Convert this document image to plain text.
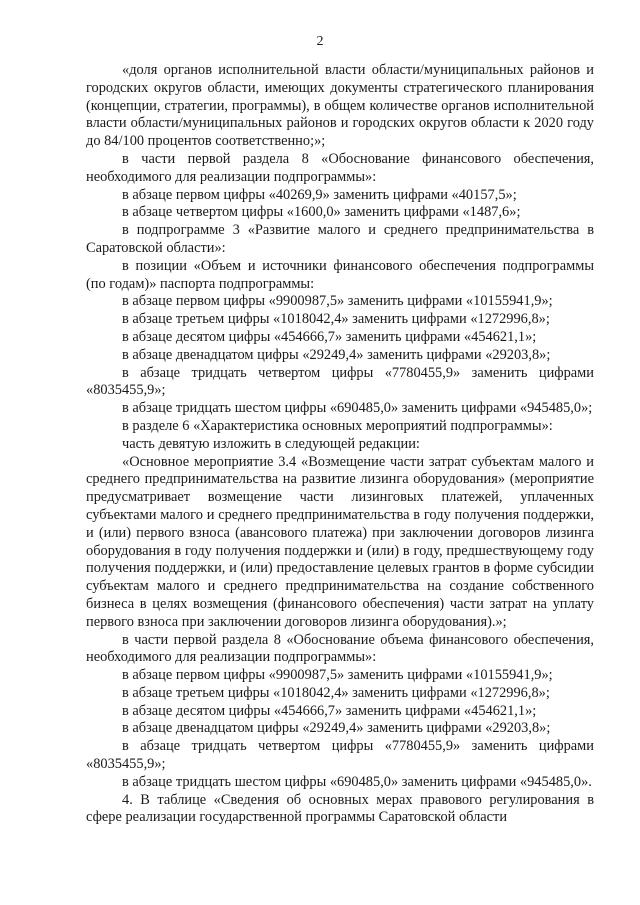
2

«доля органов исполнительной власти области/муниципальных районов и городских округов области, имеющих документы стратегического планирования (концепции, стратегии, программы), в общем количестве органов исполнительной власти области/муниципальных районов и городских округов области к 2020 году до 84/100 процентов соответственно;»;

в части первой раздела 8 «Обоснование финансового обеспечения, необходимого для реализации подпрограммы»:

в абзаце первом цифры «40269,9» заменить цифрами «40157,5»;

в абзаце четвертом цифры «1600,0» заменить цифрами «1487,6»;

в подпрограмме 3 «Развитие малого и среднего предпринимательства в Саратовской области»:

в позиции «Объем и источники финансового обеспечения подпрограммы (по годам)» паспорта подпрограммы:

в абзаце первом цифры «9900987,5» заменить цифрами «10155941,9»;

в абзаце третьем цифры «1018042,4» заменить цифрами «1272996,8»;

в абзаце десятом цифры «454666,7» заменить цифрами «454621,1»;

в абзаце двенадцатом цифры «29249,4» заменить цифрами «29203,8»;

в абзаце тридцать четвертом цифры «7780455,9» заменить цифрами «8035455,9»;

в абзаце тридцать шестом цифры «690485,0» заменить цифрами «945485,0»;

в разделе 6 «Характеристика основных мероприятий подпрограммы»:

часть девятую изложить в следующей редакции:

«Основное мероприятие 3.4 «Возмещение части затрат субъектам малого и среднего предпринимательства на развитие лизинга оборудования» (мероприятие предусматривает возмещение части лизинговых платежей, уплаченных субъектами малого и среднего предпринимательства в году получения поддержки, и (или) первого взноса (авансового платежа) при заключении договоров лизинга оборудования в году получения поддержки и (или) в году, предшествующему году получения поддержки, и (или) предоставление целевых грантов в форме субсидии субъектам малого и среднего предпринимательства на создание собственного бизнеса в целях возмещения (финансового обеспечения) части затрат на уплату первого взноса при заключении договоров лизинга оборудования).»;

в части первой раздела 8 «Обоснование объема финансового обеспечения, необходимого для реализации подпрограммы»:

в абзаце первом цифры «9900987,5» заменить цифрами «10155941,9»;

в абзаце третьем цифры «1018042,4» заменить цифрами «1272996,8»;

в абзаце десятом цифры «454666,7» заменить цифрами «454621,1»;

в абзаце двенадцатом цифры «29249,4» заменить цифрами «29203,8»;

в абзаце тридцать четвертом цифры «7780455,9» заменить цифрами «8035455,9»;

в абзаце тридцать шестом цифры «690485,0» заменить цифрами «945485,0».

4. В таблице «Сведения об основных мерах правового регулирования в сфере реализации государственной программы Саратовской области
